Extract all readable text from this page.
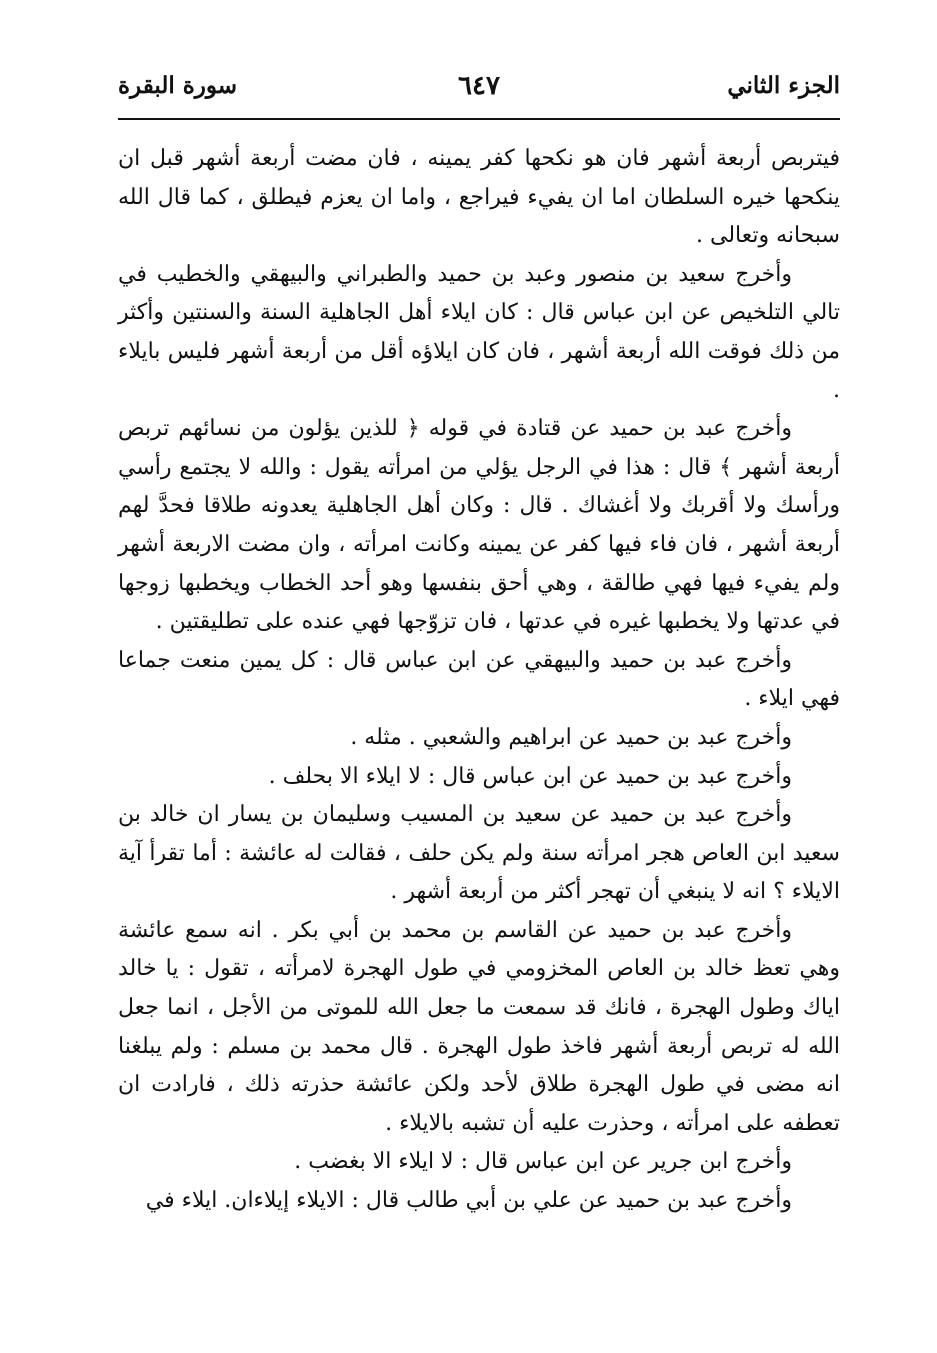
الجزء الثاني
٦٤٧
سورة البقرة

فيتربص أربعة أشهر فان هو نكحها كفر يمينه ، فان مضت أربعة أشهر قبل ان ينكحها خيره السلطان اما ان يفيء فيراجع ، واما ان يعزم فيطلق ، كما قال الله سبحانه وتعالى .

وأخرج سعيد بن منصور وعبد بن حميد والطبراني والبيهقي والخطيب في تالي التلخيص عن ابن عباس قال : كان ايلاء أهل الجاهلية السنة والسنتين وأكثر من ذلك فوقت الله أربعة أشهر ، فان كان ايلاؤه أقل من أربعة أشهر فليس بايلاء .

وأخرج عبد بن حميد عن قتادة في قوله ﴿ للذين يؤلون من نسائهم تربص أربعة أشهر ﴾ قال : هذا في الرجل يؤلي من امرأته يقول : والله لا يجتمع رأسي ورأسك ولا أقربك ولا أغشاك . قال : وكان أهل الجاهلية يعدونه طلاقا فحدَّ لهم أربعة أشهر ، فان فاء فيها كفر عن يمينه وكانت امرأته ، وان مضت الاربعة أشهر ولم يفيء فيها فهي طالقة ، وهي أحق بنفسها وهو أحد الخطاب ويخطبها زوجها في عدتها ولا يخطبها غيره في عدتها ، فان تزوّجها فهي عنده على تطليقتين .

وأخرج عبد بن حميد والبيهقي عن ابن عباس قال : كل يمين منعت جماعا فهي ايلاء .

وأخرج عبد بن حميد عن ابراهيم والشعبي . مثله .

وأخرج عبد بن حميد عن ابن عباس قال : لا ايلاء الا بحلف .

وأخرج عبد بن حميد عن سعيد بن المسيب وسليمان بن يسار ان خالد بن سعيد ابن العاص هجر امرأته سنة ولم يكن حلف ، فقالت له عائشة : أما تقرأ آية الايلاء ؟ انه لا ينبغي أن تهجر أكثر من أربعة أشهر .

وأخرج عبد بن حميد عن القاسم بن محمد بن أبي بكر . انه سمع عائشة وهي تعظ خالد بن العاص المخزومي في طول الهجرة لامرأته ، تقول : يا خالد اياك وطول الهجرة ، فانك قد سمعت ما جعل الله للموتى من الأجل ، انما جعل الله له تربص أربعة أشهر فاخذ طول الهجرة . قال محمد بن مسلم : ولم يبلغنا انه مضى في طول الهجرة طلاق لأحد ولكن عائشة حذرته ذلك ، فارادت ان تعطفه على امرأته ، وحذرت عليه أن تشبه بالايلاء .

وأخرج ابن جرير عن ابن عباس قال : لا ايلاء الا بغضب .

وأخرج عبد بن حميد عن علي بن أبي طالب قال : الايلاء إيلاءان. ايلاء في
